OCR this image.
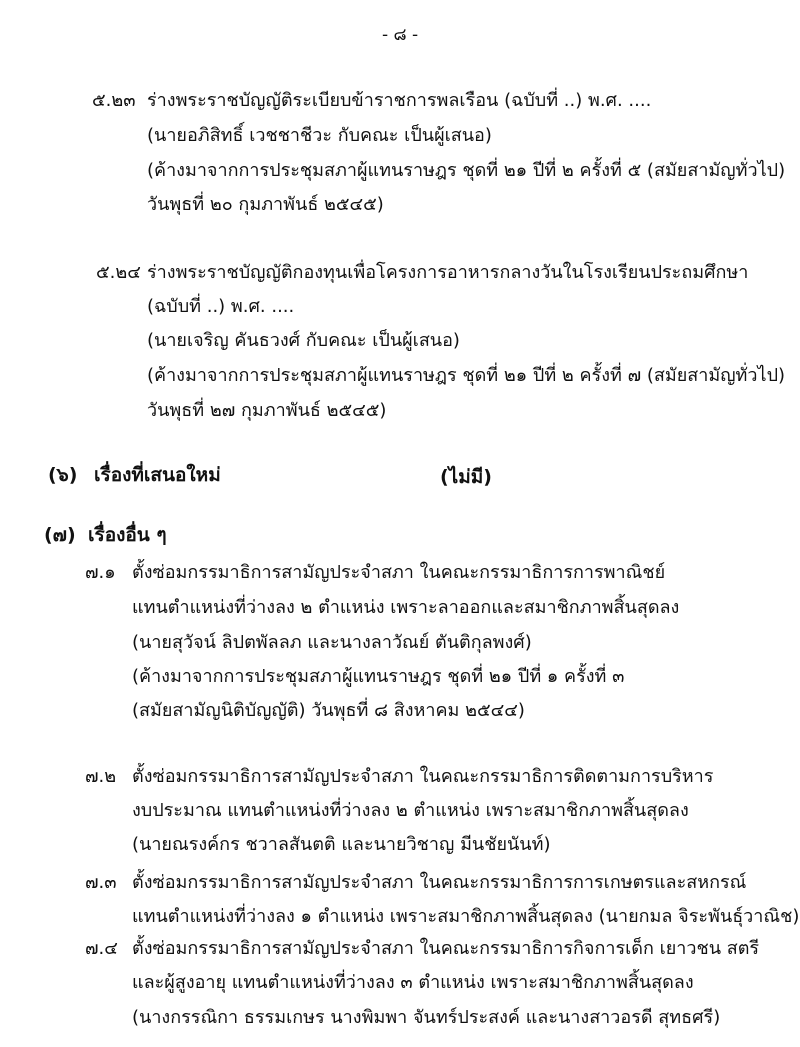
- ๘ -
๕.๒๓ ร่างพระราชบัญญัติระเบียบข้าราชการพลเรือน (ฉบับที่ ..) พ.ศ. ....
(นายอภิสิทธิ์ เวชชาชีวะ กับคณะ เป็นผู้เสนอ)
(ค้างมาจากการประชุมสภาผู้แทนราษฎร ชุดที่ ๒๑ ปีที่ ๒ ครั้งที่ ๕ (สมัยสามัญทั่วไป)
วันพุธที่ ๒๐ กุมภาพันธ์ ๒๕๔๕)
๕.๒๔ ร่างพระราชบัญญัติกองทุนเพื่อโครงการอาหารกลางวันในโรงเรียนประถมศึกษา
(ฉบับที่ ..) พ.ศ. ....
(นายเจริญ คันธวงศ์ กับคณะ เป็นผู้เสนอ)
(ค้างมาจากการประชุมสภาผู้แทนราษฎร ชุดที่ ๒๑ ปีที่ ๒ ครั้งที่ ๗ (สมัยสามัญทั่วไป)
วันพุธที่ ๒๗ กุมภาพันธ์ ๒๕๔๕)
(๖) เรื่องที่เสนอใหม่	(ไม่มี)
(๗) เรื่องอื่น ๆ
๗.๑ ตั้งซ่อมกรรมาธิการสามัญประจำสภา ในคณะกรรมาธิการการพาณิชย์
แทนตำแหน่งที่ว่างลง ๒ ตำแหน่ง เพราะลาออกและสมาชิกภาพสิ้นสุดลง
(นายสุวัจน์ ลิปตพัลลภ และนางลาวัณย์ ตันติกุลพงศ์)
(ค้างมาจากการประชุมสภาผู้แทนราษฎร ชุดที่ ๒๑ ปีที่ ๑ ครั้งที่ ๓
(สมัยสามัญนิติบัญญัติ) วันพุธที่ ๘ สิงหาคม ๒๕๔๔)
๗.๒ ตั้งซ่อมกรรมาธิการสามัญประจำสภา ในคณะกรรมาธิการติดตามการบริหาร
งบประมาณ แทนตำแหน่งที่ว่างลง ๒ ตำแหน่ง เพราะสมาชิกภาพสิ้นสุดลง
(นายณรงค์กร ชวาลสันตติ และนายวิชาญ มีนชัยนันท์)
๗.๓ ตั้งซ่อมกรรมาธิการสามัญประจำสภา ในคณะกรรมาธิการการเกษตรและสหกรณ์
แทนตำแหน่งที่ว่างลง ๑ ตำแหน่ง เพราะสมาชิกภาพสิ้นสุดลง (นายกมล จิระพันธุ์วาณิช)
๗.๔ ตั้งซ่อมกรรมาธิการสามัญประจำสภา ในคณะกรรมาธิการกิจการเด็ก เยาวชน สตรี
และผู้สูงอายุ แทนตำแหน่งที่ว่างลง ๓ ตำแหน่ง เพราะสมาชิกภาพสิ้นสุดลง
(นางกรรณิกา ธรรมเกษร นางพิมพา จันทร์ประสงค์ และนางสาวอรดี สุทธศรี)
